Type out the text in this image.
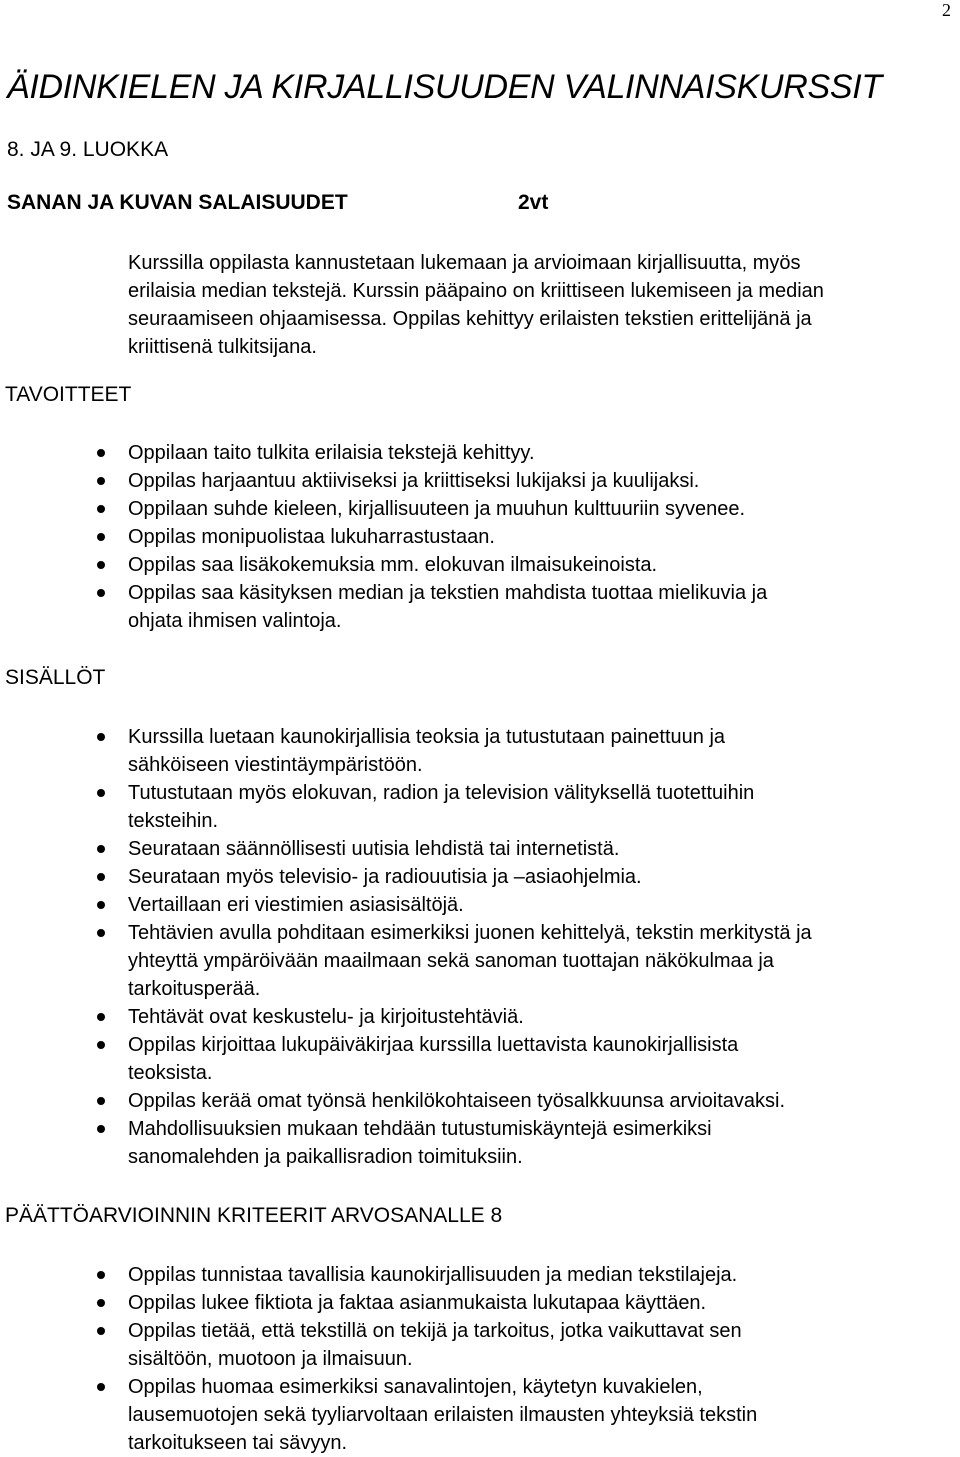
2
ÄIDINKIELEN JA KIRJALLISUUDEN VALINNAISKURSSIT
8. JA 9. LUOKKA
SANAN JA KUVAN SALAISUUDET	2vt
Kurssilla oppilasta kannustetaan lukemaan ja arvioimaan kirjallisuutta, myös
erilaisia median tekstejä. Kurssin pääpaino on kriittiseen lukemiseen ja median
seuraamiseen ohjaamisessa. Oppilas kehittyy erilaisten tekstien erittelijänä ja
kriittisenä tulkitsijana.
TAVOITTEET
Oppilaan taito tulkita erilaisia tekstejä kehittyy.
Oppilas harjaantuu aktiiviseksi ja kriittiseksi lukijaksi ja kuulijaksi.
Oppilaan suhde kieleen, kirjallisuuteen ja muuhun kulttuuriin syvenee.
Oppilas monipuolistaa lukuharrastustaan.
Oppilas saa lisäkokemuksia mm. elokuvan ilmaisukeinoista.
Oppilas saa käsityksen median ja tekstien mahdista tuottaa mielikuvia ja
ohjata ihmisen valintoja.
SISÄLLÖT
Kurssilla luetaan kaunokirjallisia teoksia ja tutustutaan painettuun ja
sähköiseen viestintäympäristöön.
Tutustutaan myös elokuvan, radion ja television välityksellä tuotettuihin
teksteihin.
Seurataan säännöllisesti uutisia lehdistä tai internetistä.
Seurataan myös televisio- ja radiouutisia ja –asiaohjelmia.
Vertaillaan eri viestimien asiasisältöjä.
Tehtävien avulla pohditaan esimerkiksi juonen kehittelyä, tekstin merkitystä ja
yhteyttä ympäröivään maailmaan sekä sanoman tuottajan näkökulmaa ja
tarkoitusperää.
Tehtävät ovat keskustelu- ja kirjoitustehtäviä.
Oppilas kirjoittaa lukupäiväkirjaa kurssilla luettavista kaunokirjallisista
teoksista.
Oppilas kerää omat työnsä henkilökohtaiseen työsalkkuunsa arvioitavaksi.
Mahdollisuuksien mukaan tehdään tutustumiskäyntejä esimerkiksi
sanomalehden ja paikallisradion toimituksiin.
PÄÄTTÖARVIOINNIN KRITEERIT ARVOSANALLE 8
Oppilas tunnistaa tavallisia kaunokirjallisuuden ja median tekstilajeja.
Oppilas lukee fiktiota ja faktaa asianmukaista lukutapaa käyttäen.
Oppilas tietää, että tekstillä on tekijä ja tarkoitus, jotka vaikuttavat sen
sisältöön, muotoon ja ilmaisuun.
Oppilas huomaa esimerkiksi sanavalintojen, käytetyn kuvakielen,
lausemuotojen sekä tyyliarvoltaan erilaisten ilmausten yhteyksiä tekstin
tarkoitukseen tai sävyyn.
